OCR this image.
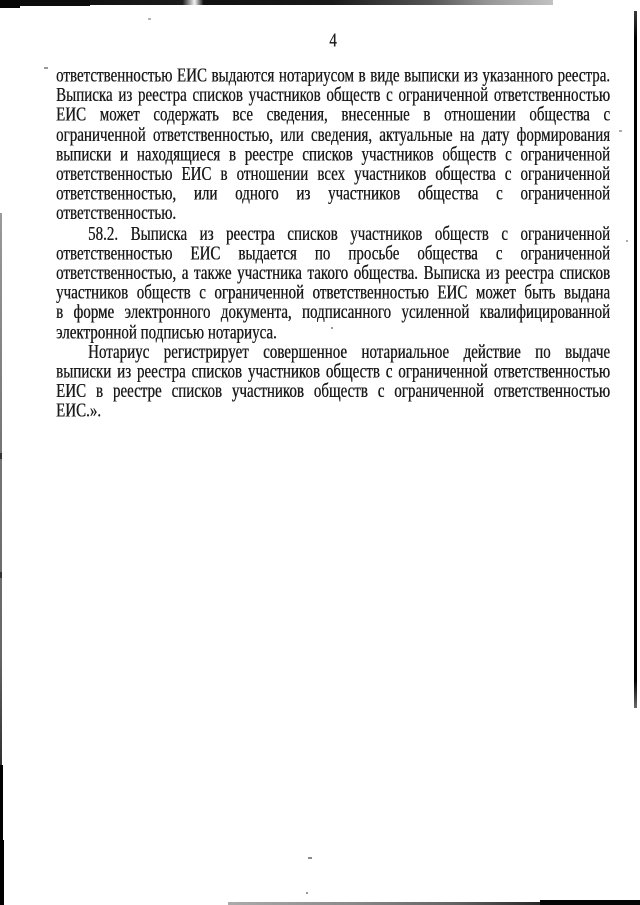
4
ответственностью ЕИС выдаются нотариусом в виде выписки из указанного реестра.
Выписка из реестра списков участников обществ с ограниченной ответственностью
ЕИС может содержать все сведения, внесенные в отношении общества с
ограниченной ответственностью, или сведения, актуальные на дату формирования
выписки и находящиеся в реестре списков участников обществ с ограниченной
ответственностью ЕИС в отношении всех участников общества с ограниченной
ответственностью, или одного из участников общества с ограниченной
ответственностью.
58.2. Выписка из реестра списков участников обществ с ограниченной
ответственностью ЕИС выдается по просьбе общества с ограниченной
ответственностью, а также участника такого общества. Выписка из реестра списков
участников обществ с ограниченной ответственностью ЕИС может быть выдана
в форме электронного документа, подписанного усиленной квалифицированной
электронной подписью нотариуса.
Нотариус регистрирует совершенное нотариальное действие по выдаче
выписки из реестра списков участников обществ с ограниченной ответственностью
ЕИС в реестре списков участников обществ с ограниченной ответственностью
ЕИС.».
